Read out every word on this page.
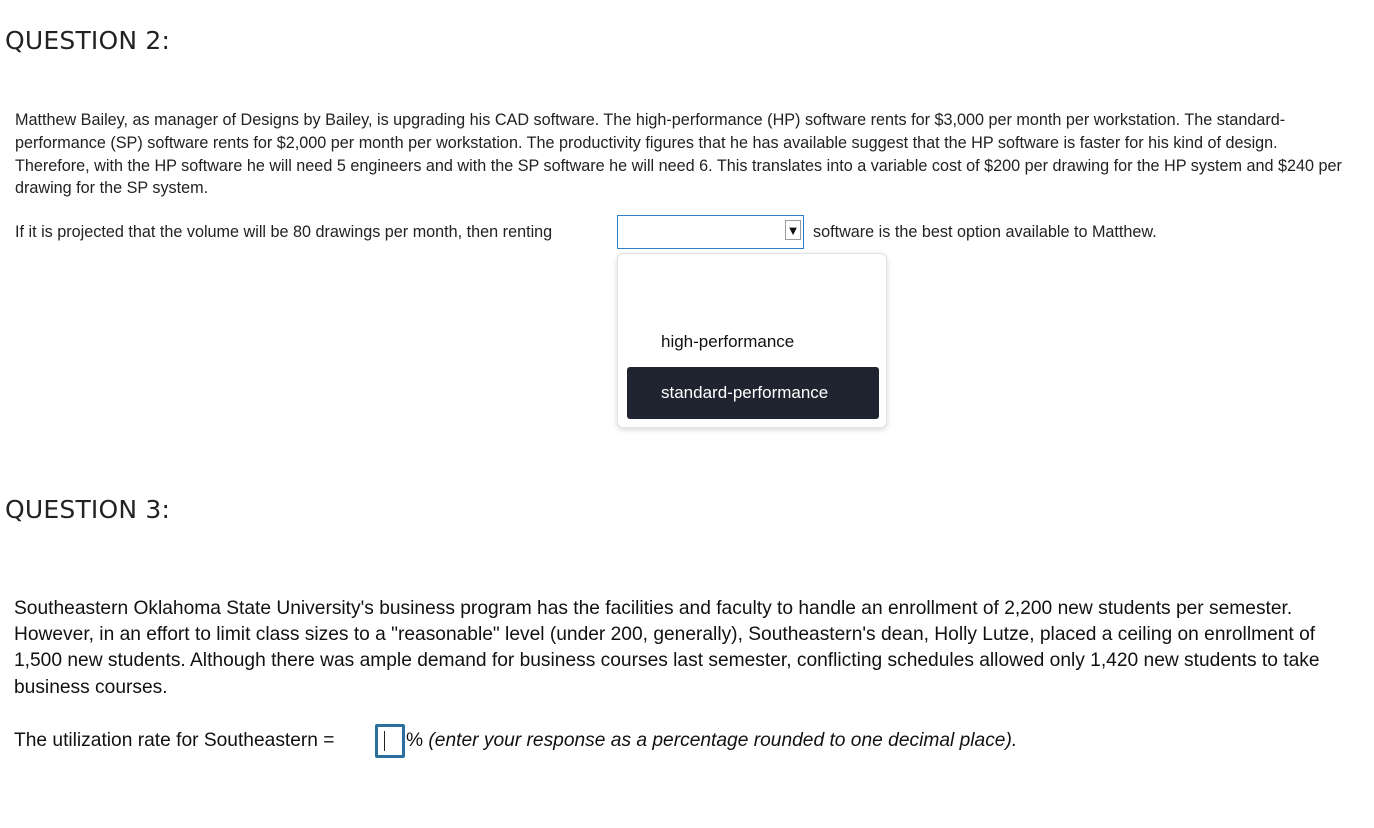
QUESTION 2:
Matthew Bailey, as manager of Designs by Bailey, is upgrading his CAD software. The high-performance (HP) software rents for $3,000 per month per workstation. The standard-performance (SP) software rents for $2,000 per month per workstation. The productivity figures that he has available suggest that the HP software is faster for his kind of design. Therefore, with the HP software he will need 5 engineers and with the SP software he will need 6. This translates into a variable cost of $200 per drawing for the HP system and $240 per drawing for the SP system.
If it is projected that the volume will be 80 drawings per month, then renting	▼ software is the best option available to Matthew.
high-performance
standard-performance
QUESTION 3:
Southeastern Oklahoma State University's business program has the facilities and faculty to handle an enrollment of 2,200 new students per semester. However, in an effort to limit class sizes to a "reasonable" level (under 200, generally), Southeastern's dean, Holly Lutze, placed a ceiling on enrollment of 1,500 new students. Although there was ample demand for business courses last semester, conflicting schedules allowed only 1,420 new students to take business courses.
The utilization rate for Southeastern =	% (enter your response as a percentage rounded to one decimal place).
